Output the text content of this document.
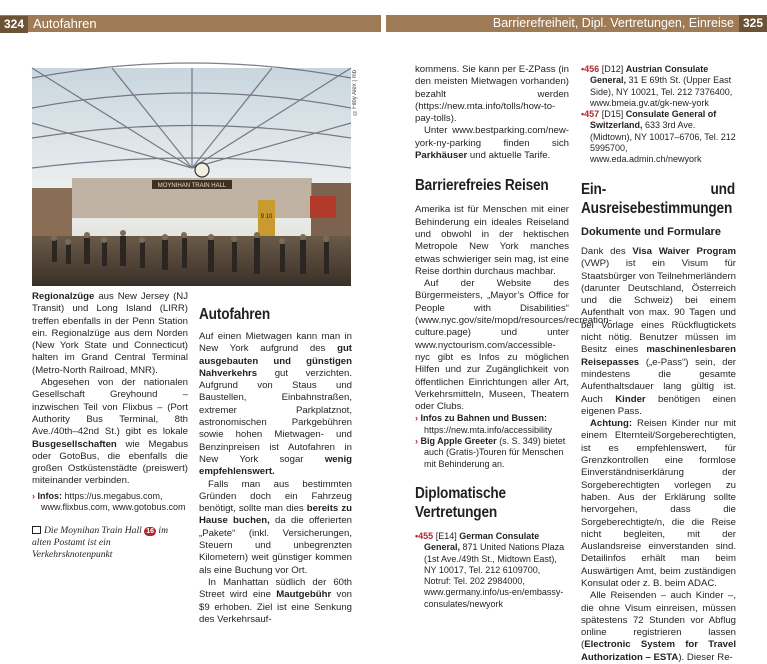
324 Autofahren	Barrierefreiheit, Dipl. Vertretungen, Einreise 325
MOYNIHAN TRAIN HALL
9 10
©Filby Alex | mb

Regionalzüge aus New Jersey (NJ Transit) und Long Island (LIRR) treffen ebenfalls in der Penn Station ein. Regionalzüge aus dem Norden (New York State und Connecticut) halten im Grand Central Terminal (Metro-North Railroad, MNR).

Abgesehen von der nationalen Gesellschaft Greyhound – inzwischen Teil von Flixbus – (Port Authority Bus Terminal, 8th Ave./40th–42nd St.) gibt es lokale Busgesellschaften wie Megabus oder GotoBus, die ebenfalls die großen Ostküstenstädte (preiswert) miteinander verbinden.

› Infos: https://us.megabus.com, www.flixbus.com, www.gotobus.com

Die Moynihan Train Hall 16 im alten Postamt ist ein Verkehrsknotenpunkt
Autofahren

Auf einen Mietwagen kann man in New York aufgrund des gut ausgebauten und günstigen Nahverkehrs gut verzichten. Aufgrund von Staus und Baustellen, Einbahnstraßen, extremer Parkplatznot, astronomischen Parkgebühren sowie hohen Mietwagen- und Benzinpreisen ist Autofahren in New York sogar wenig empfehlenswert.

Falls man aus bestimmten Gründen doch ein Fahrzeug benötigt, sollte man dies bereits zu Hause buchen, da die offerierten „Pakete“ (inkl. Versicherungen, Steuern und unbegrenzten Kilometern) weit günstiger kommen als eine Buchung vor Ort.

In Manhattan südlich der 60th Street wird eine Mautgebühr von $9 erhoben. Ziel ist eine Senkung des Verkehrsauf-

kommens. Sie kann per E-ZPass (in den meisten Mietwagen vorhanden) bezahlt werden (https://new.mta.info/tolls/how-to-pay-tolls).

Unter www.bestparking.com/new-york-ny-parking finden sich Parkhäuser und aktuelle Tarife.

Barrierefreies Reisen

Amerika ist für Menschen mit einer Behinderung ein ideales Reiseland und obwohl in der hektischen Metropole New York manches etwas schwieriger sein mag, ist eine Reise dorthin durchaus machbar.

Auf der Website des Bürgermeisters, „Mayor’s Office for People with Disabilities“ (www.nyc.gov/site/mopd/resources/recreation-culture.page) und unter www.nyctourism.com/accessible-nyc gibt es Infos zu möglichen Hilfen und zur Zugänglichkeit von öffentlichen Einrichtungen aller Art, Verkehrsmitteln, Museen, Theatern oder Clubs.

› Infos zu Bahnen und Bussen: https://new.mta.info/accessibility

› Big Apple Greeter (s. S. 349) bietet auch (Gratis-)Touren für Menschen mit Behinderung an.

Diplomatische Vertretungen

•455 [E14] German Consulate General, 871 United Nations Plaza (1st Ave./49th St., Midtown East), NY 10017, Tel. 212 6109700, Notruf: Tel. 202 2984000, www.germany.info/us-en/embassy-consulates/newyork

•456 [D12] Austrian Consulate General, 31 E 69th St. (Upper East Side), NY 10021, Tel. 212 7376400, www.bmeia.gv.at/gk-new-york

•457 [D15] Consulate General of Switzerland, 633 3rd Ave. (Midtown), NY 10017–6706, Tel. 212 5995700, www.eda.admin.ch/newyork

Ein- und Ausreisebestimmungen
Dokumente und Formulare

Dank des Visa Waiver Program (VWP) ist ein Visum für Staatsbürger von Teilnehmerländern (darunter Deutschland, Österreich und die Schweiz) bei einem Aufenthalt von max. 90 Tagen und bei Vorlage eines Rückflugtickets nicht nötig. Benutzer müssen im Besitz eines maschinenlesbaren Reisepasses („e-Pass“) sein, der mindestens die gesamte Aufenthaltsdauer lang gültig ist. Auch Kinder benötigen einen eigenen Pass.

Achtung: Reisen Kinder nur mit einem Elternteil/Sorgeberechtigten, ist es empfehlenswert, für Grenzkontrollen eine formlose Einverständniserklärung der Sorgeberechtigten vorlegen zu haben. Aus der Erklärung sollte hervorgehen, dass die Sorgeberechtigte/n, die die Reise nicht begleiten, mit der Auslandsreise einverstanden sind. Detailinfos erhält man beim Auswärtigen Amt, beim zuständigen Konsulat oder z. B. beim ADAC.

Alle Reisenden – auch Kinder –, die ohne Visum einreisen, müssen spätestens 72 Stunden vor Abflug online registrieren lassen (Electronic System for Travel Authorization – ESTA). Dieser Re-
